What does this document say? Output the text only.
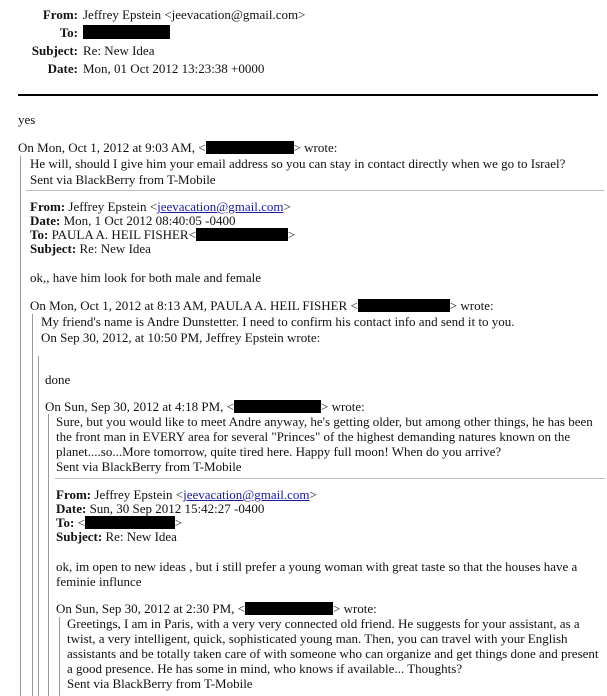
From: Jeffrey Epstein <jeevacation@gmail.com>
To:
Subject: Re: New Idea
Date: Mon, 01 Oct 2012 13:23:38 +0000
yes
On Mon, Oct 1, 2012 at 9:03 AM, <	> wrote:
He will, should I give him your email address so you can stay in contact directly when we go to Israel?
Sent via BlackBerry from T-Mobile
From: Jeffrey Epstein <jeevacation@gmail.com>
Date: Mon, 1 Oct 2012 08:40:05 -0400
To: PAULA A. HEIL FISHER<	>
Subject: Re: New Idea
ok,, have him look for both male and female
On Mon, Oct 1, 2012 at 8:13 AM, PAULA A. HEIL FISHER <	> wrote:
My friend's name is Andre Dunstetter. I need to confirm his contact info and send it to you.
On Sep 30, 2012, at 10:50 PM, Jeffrey Epstein wrote:
done
On Sun, Sep 30, 2012 at 4:18 PM, <	> wrote:
Sure, but you would like to meet Andre anyway, he's getting older, but among other things, he has been
the front man in EVERY area for several "Princes" of the highest demanding natures known on the
planet....so...More tomorrow, quite tired here. Happy full moon! When do you arrive?
Sent via BlackBerry from T-Mobile
From: Jeffrey Epstein <jeevacation@gmail.com>
Date: Sun, 30 Sep 2012 15:42:27 -0400
To: <	>
Subject: Re: New Idea
ok, im open to new ideas , but i still prefer a young woman with great taste so that the houses have a
feminie influnce
On Sun, Sep 30, 2012 at 2:30 PM, <	> wrote:
Greetings, I am in Paris, with a very very connected old friend. He suggests for your assistant, as a
twist, a very intelligent, quick, sophisticated young man. Then, you can travel with your English
assistants and be totally taken care of with someone who can organize and get things done and present
a good presence. He has some in mind, who knows if available... Thoughts?
Sent via BlackBerry from T-Mobile
